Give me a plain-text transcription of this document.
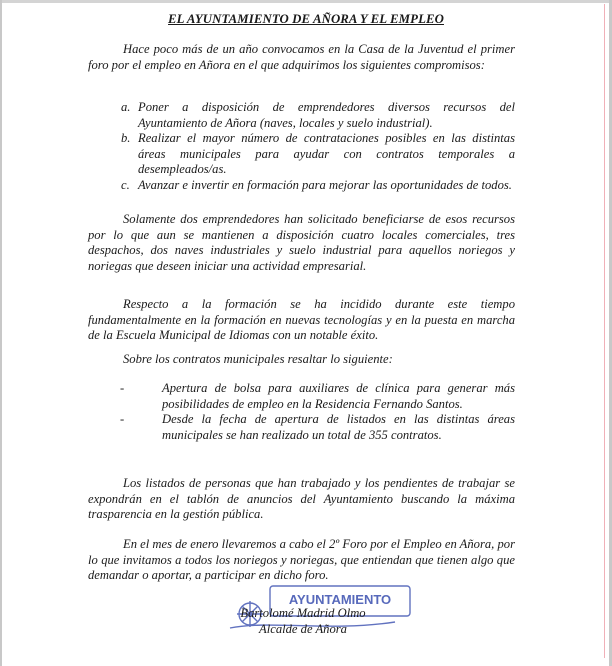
EL AYUNTAMIENTO DE AÑORA Y EL EMPLEO

Hace poco más de un año convocamos en la Casa de la Juventud el primer foro por el empleo en Añora en el que adquirimos los siguientes compromisos:

a. Poner a disposición de emprendedores diversos recursos del Ayuntamiento de Añora (naves, locales y suelo industrial).
b. Realizar el mayor número de contrataciones posibles en las distintas áreas municipales para ayudar con contratos temporales a desempleados/as.
c. Avanzar e invertir en formación para mejorar las oportunidades de todos.

Solamente dos emprendedores han solicitado beneficiarse de esos recursos por lo que aun se mantienen a disposición cuatro locales comerciales, tres despachos, dos naves industriales y suelo industrial para aquellos noriegos y noriegas que deseen iniciar una actividad empresarial.

Respecto a la formación se ha incidido durante este tiempo fundamentalmente en la formación en nuevas tecnologías y en la puesta en marcha de la Escuela Municipal de Idiomas con un notable éxito.

Sobre los contratos municipales resaltar lo siguiente:

-	Apertura de bolsa para auxiliares de clínica para generar más posibilidades de empleo en la Residencia Fernando Santos.
-	Desde la fecha de apertura de listados en las distintas áreas municipales se han realizado un total de 355 contratos.

Los listados de personas que han trabajado y los pendientes de trabajar se expondrán en el tablón de anuncios del Ayuntamiento buscando la máxima trasparencia en la gestión pública.

En el mes de enero llevaremos a cabo el 2º Foro por el Empleo en Añora, por lo que invitamos a todos los noriegos y noriegas, que entiendan que tienen algo que demandar o aportar, a participar en dicho foro.

AYUNTAMIENTO
Bartolomé Madrid Olmo
Alcalde de Añora
